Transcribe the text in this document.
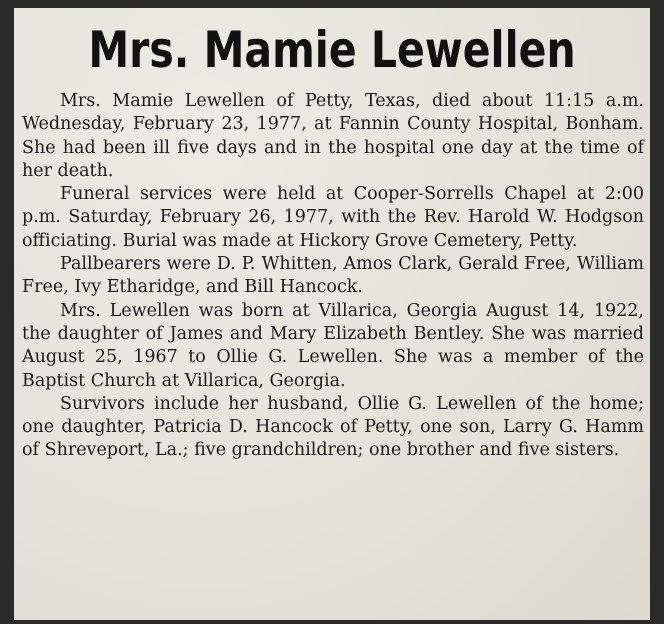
Mrs. Mamie Lewellen

Mrs. Mamie Lewellen of Petty, Texas, died about 11:15 a.m. Wednesday, February 23, 1977, at Fannin County Hospital, Bonham. She had been ill five days and in the hospital one day at the time of her death.

Funeral services were held at Cooper-Sorrells Chapel at 2:00 p.m. Saturday, February 26, 1977, with the Rev. Harold W. Hodgson officiating. Burial was made at Hickory Grove Cemetery, Petty.

Pallbearers were D. P. Whitten, Amos Clark, Gerald Free, William Free, Ivy Etharidge, and Bill Hancock.

Mrs. Lewellen was born at Villarica, Georgia August 14, 1922, the daughter of James and Mary Elizabeth Bentley. She was married August 25, 1967 to Ollie G. Lewellen. She was a member of the Baptist Church at Villarica, Georgia.

Survivors include her husband, Ollie G. Lewellen of the home; one daughter, Patricia D. Hancock of Petty, one son, Larry G. Hamm of Shreveport, La.; five grandchildren; one brother and five sisters.
